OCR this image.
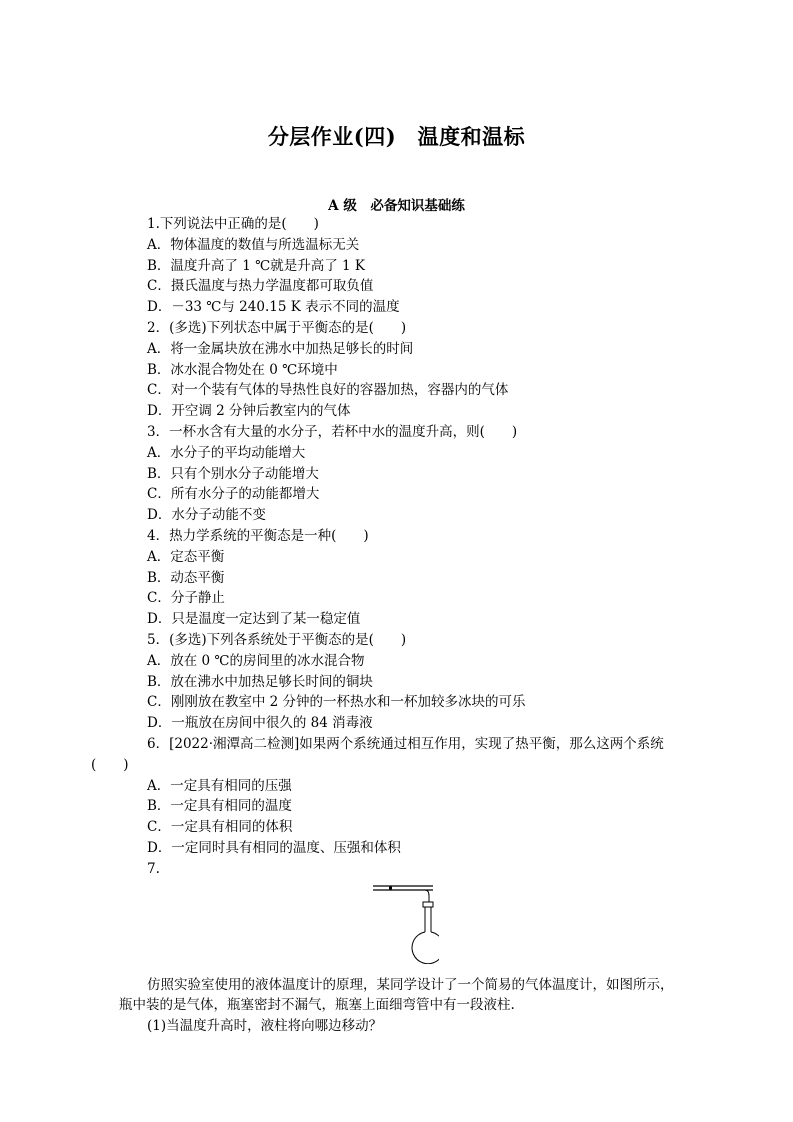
分层作业(四)　温度和温标
A 级　必备知识基础练
1.下列说法中正确的是(　　)
A．物体温度的数值与所选温标无关
B．温度升高了 1 ℃就是升高了 1 K
C．摄氏温度与热力学温度都可取负值
D．－33 ℃与 240.15 K 表示不同的温度
2．(多选)下列状态中属于平衡态的是(　　)
A．将一金属块放在沸水中加热足够长的时间
B．冰水混合物处在 0 ℃环境中
C．对一个装有气体的导热性良好的容器加热，容器内的气体
D．开空调 2 分钟后教室内的气体
3．一杯水含有大量的水分子，若杯中水的温度升高，则(　　)
A．水分子的平均动能增大
B．只有个别水分子动能增大
C．所有水分子的动能都增大
D．水分子动能不变
4．热力学系统的平衡态是一种(　　)
A．定态平衡
B．动态平衡
C．分子静止
D．只是温度一定达到了某一稳定值
5．(多选)下列各系统处于平衡态的是(　　)
A．放在 0 ℃的房间里的冰水混合物
B．放在沸水中加热足够长时间的铜块
C．刚刚放在教室中 2 分钟的一杯热水和一杯加较多冰块的可乐
D．一瓶放在房间中很久的 84 消毒液
6．[2022·湘潭高二检测]如果两个系统通过相互作用，实现了热平衡，那么这两个系统
(　　)
A．一定具有相同的压强
B．一定具有相同的温度
C．一定具有相同的体积
D．一定同时具有相同的温度、压强和体积
7.
仿照实验室使用的液体温度计的原理，某同学设计了一个简易的气体温度计，如图所示，瓶中装的是气体，瓶塞密封不漏气，瓶塞上面细弯管中有一段液柱.
(1)当温度升高时，液柱将向哪边移动？
